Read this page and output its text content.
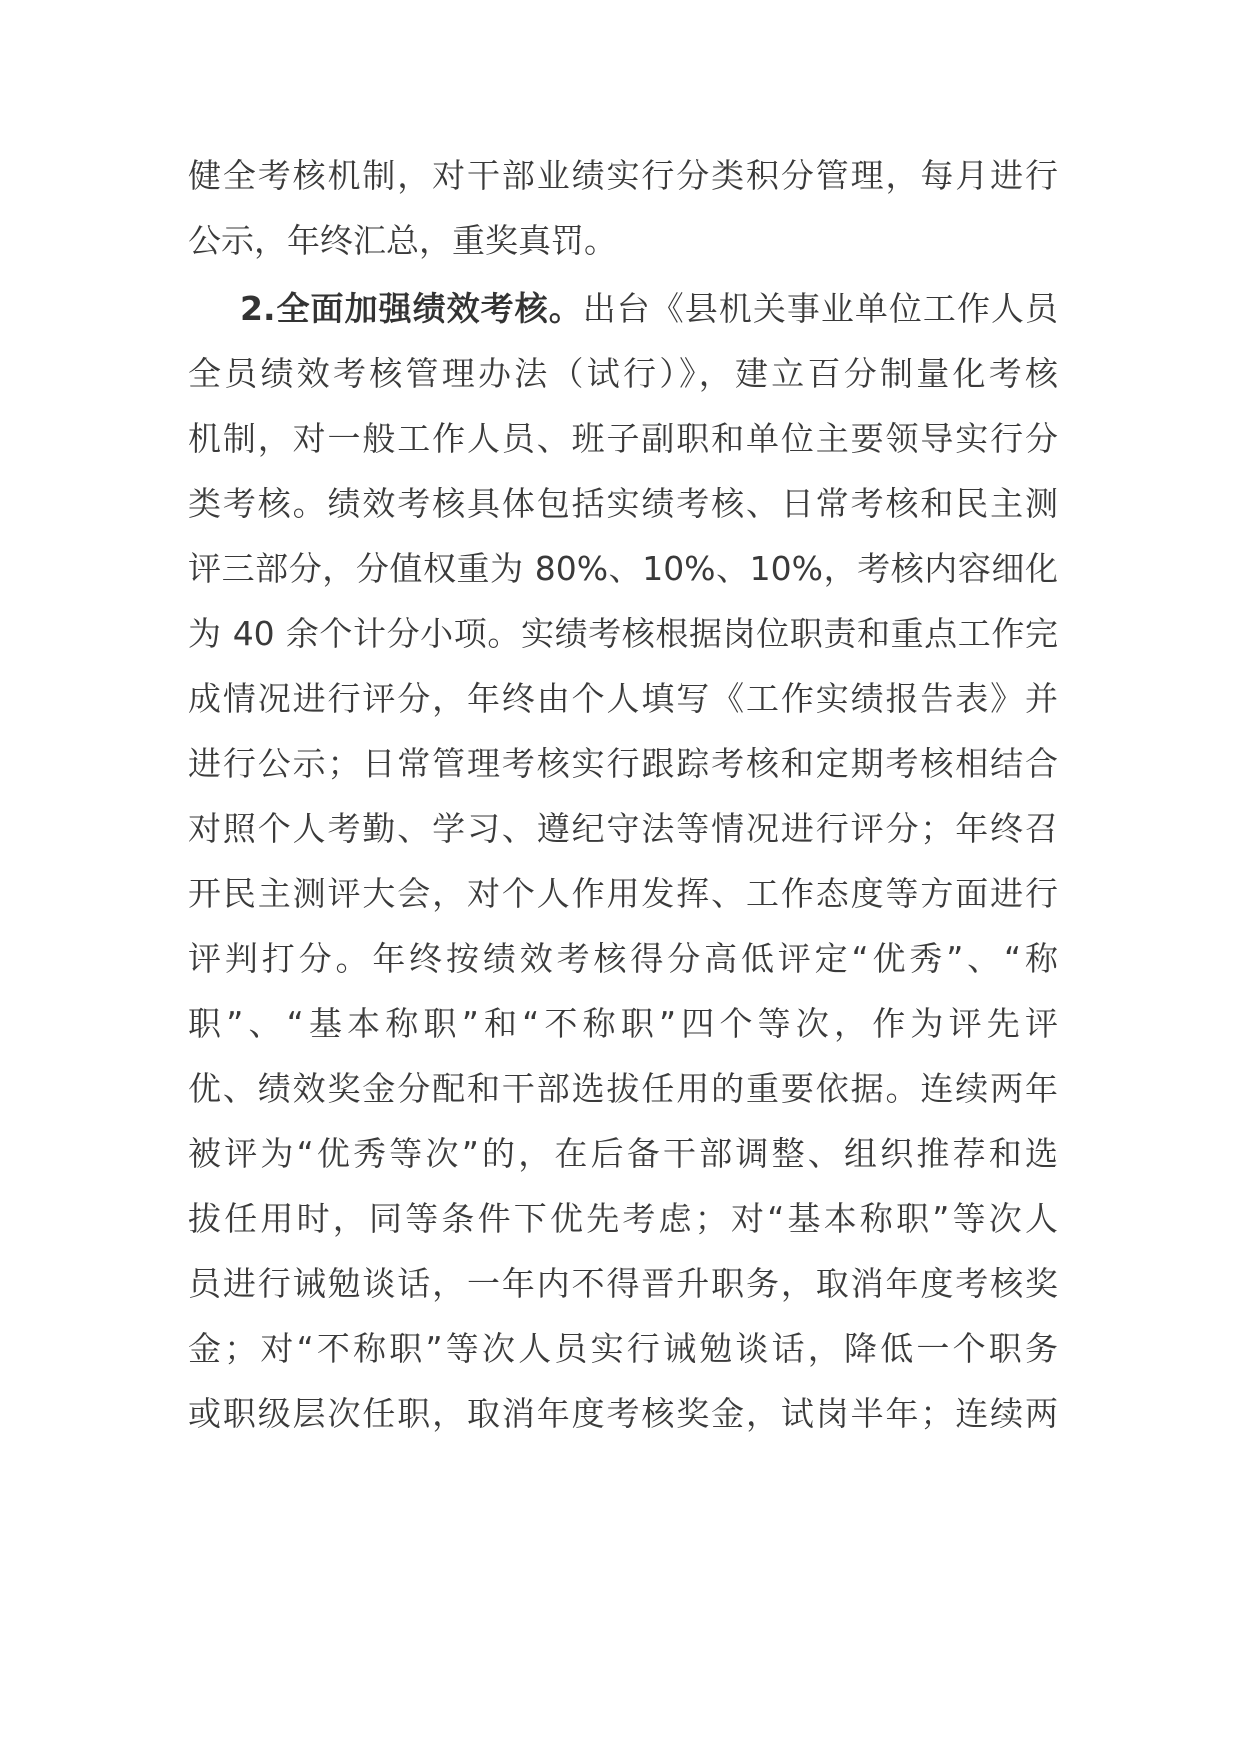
健全考核机制，对干部业绩实行分类积分管理，每月进行
公示，年终汇总，重奖真罚。
2.全面加强绩效考核。出台《县机关事业单位工作人员
全员绩效考核管理办法（试行）》，建立百分制量化考核
机制，对一般工作人员、班子副职和单位主要领导实行分
类考核。绩效考核具体包括实绩考核、日常考核和民主测
评三部分，分值权重为 80%、10%、10%，考核内容细化
为 40 余个计分小项。实绩考核根据岗位职责和重点工作完
成情况进行评分，年终由个人填写《工作实绩报告表》并
进行公示；日常管理考核实行跟踪考核和定期考核相结合
对照个人考勤、学习、遵纪守法等情况进行评分；年终召
开民主测评大会，对个人作用发挥、工作态度等方面进行
评判打分。年终按绩效考核得分高低评定“优秀”、“称
职”、“基本称职”和“不称职”四个等次，作为评先评
优、绩效奖金分配和干部选拔任用的重要依据。连续两年
被评为“优秀等次”的，在后备干部调整、组织推荐和选
拔任用时，同等条件下优先考虑；对“基本称职”等次人
员进行诫勉谈话，一年内不得晋升职务，取消年度考核奖
金；对“不称职”等次人员实行诫勉谈话，降低一个职务
或职级层次任职，取消年度考核奖金，试岗半年；连续两
